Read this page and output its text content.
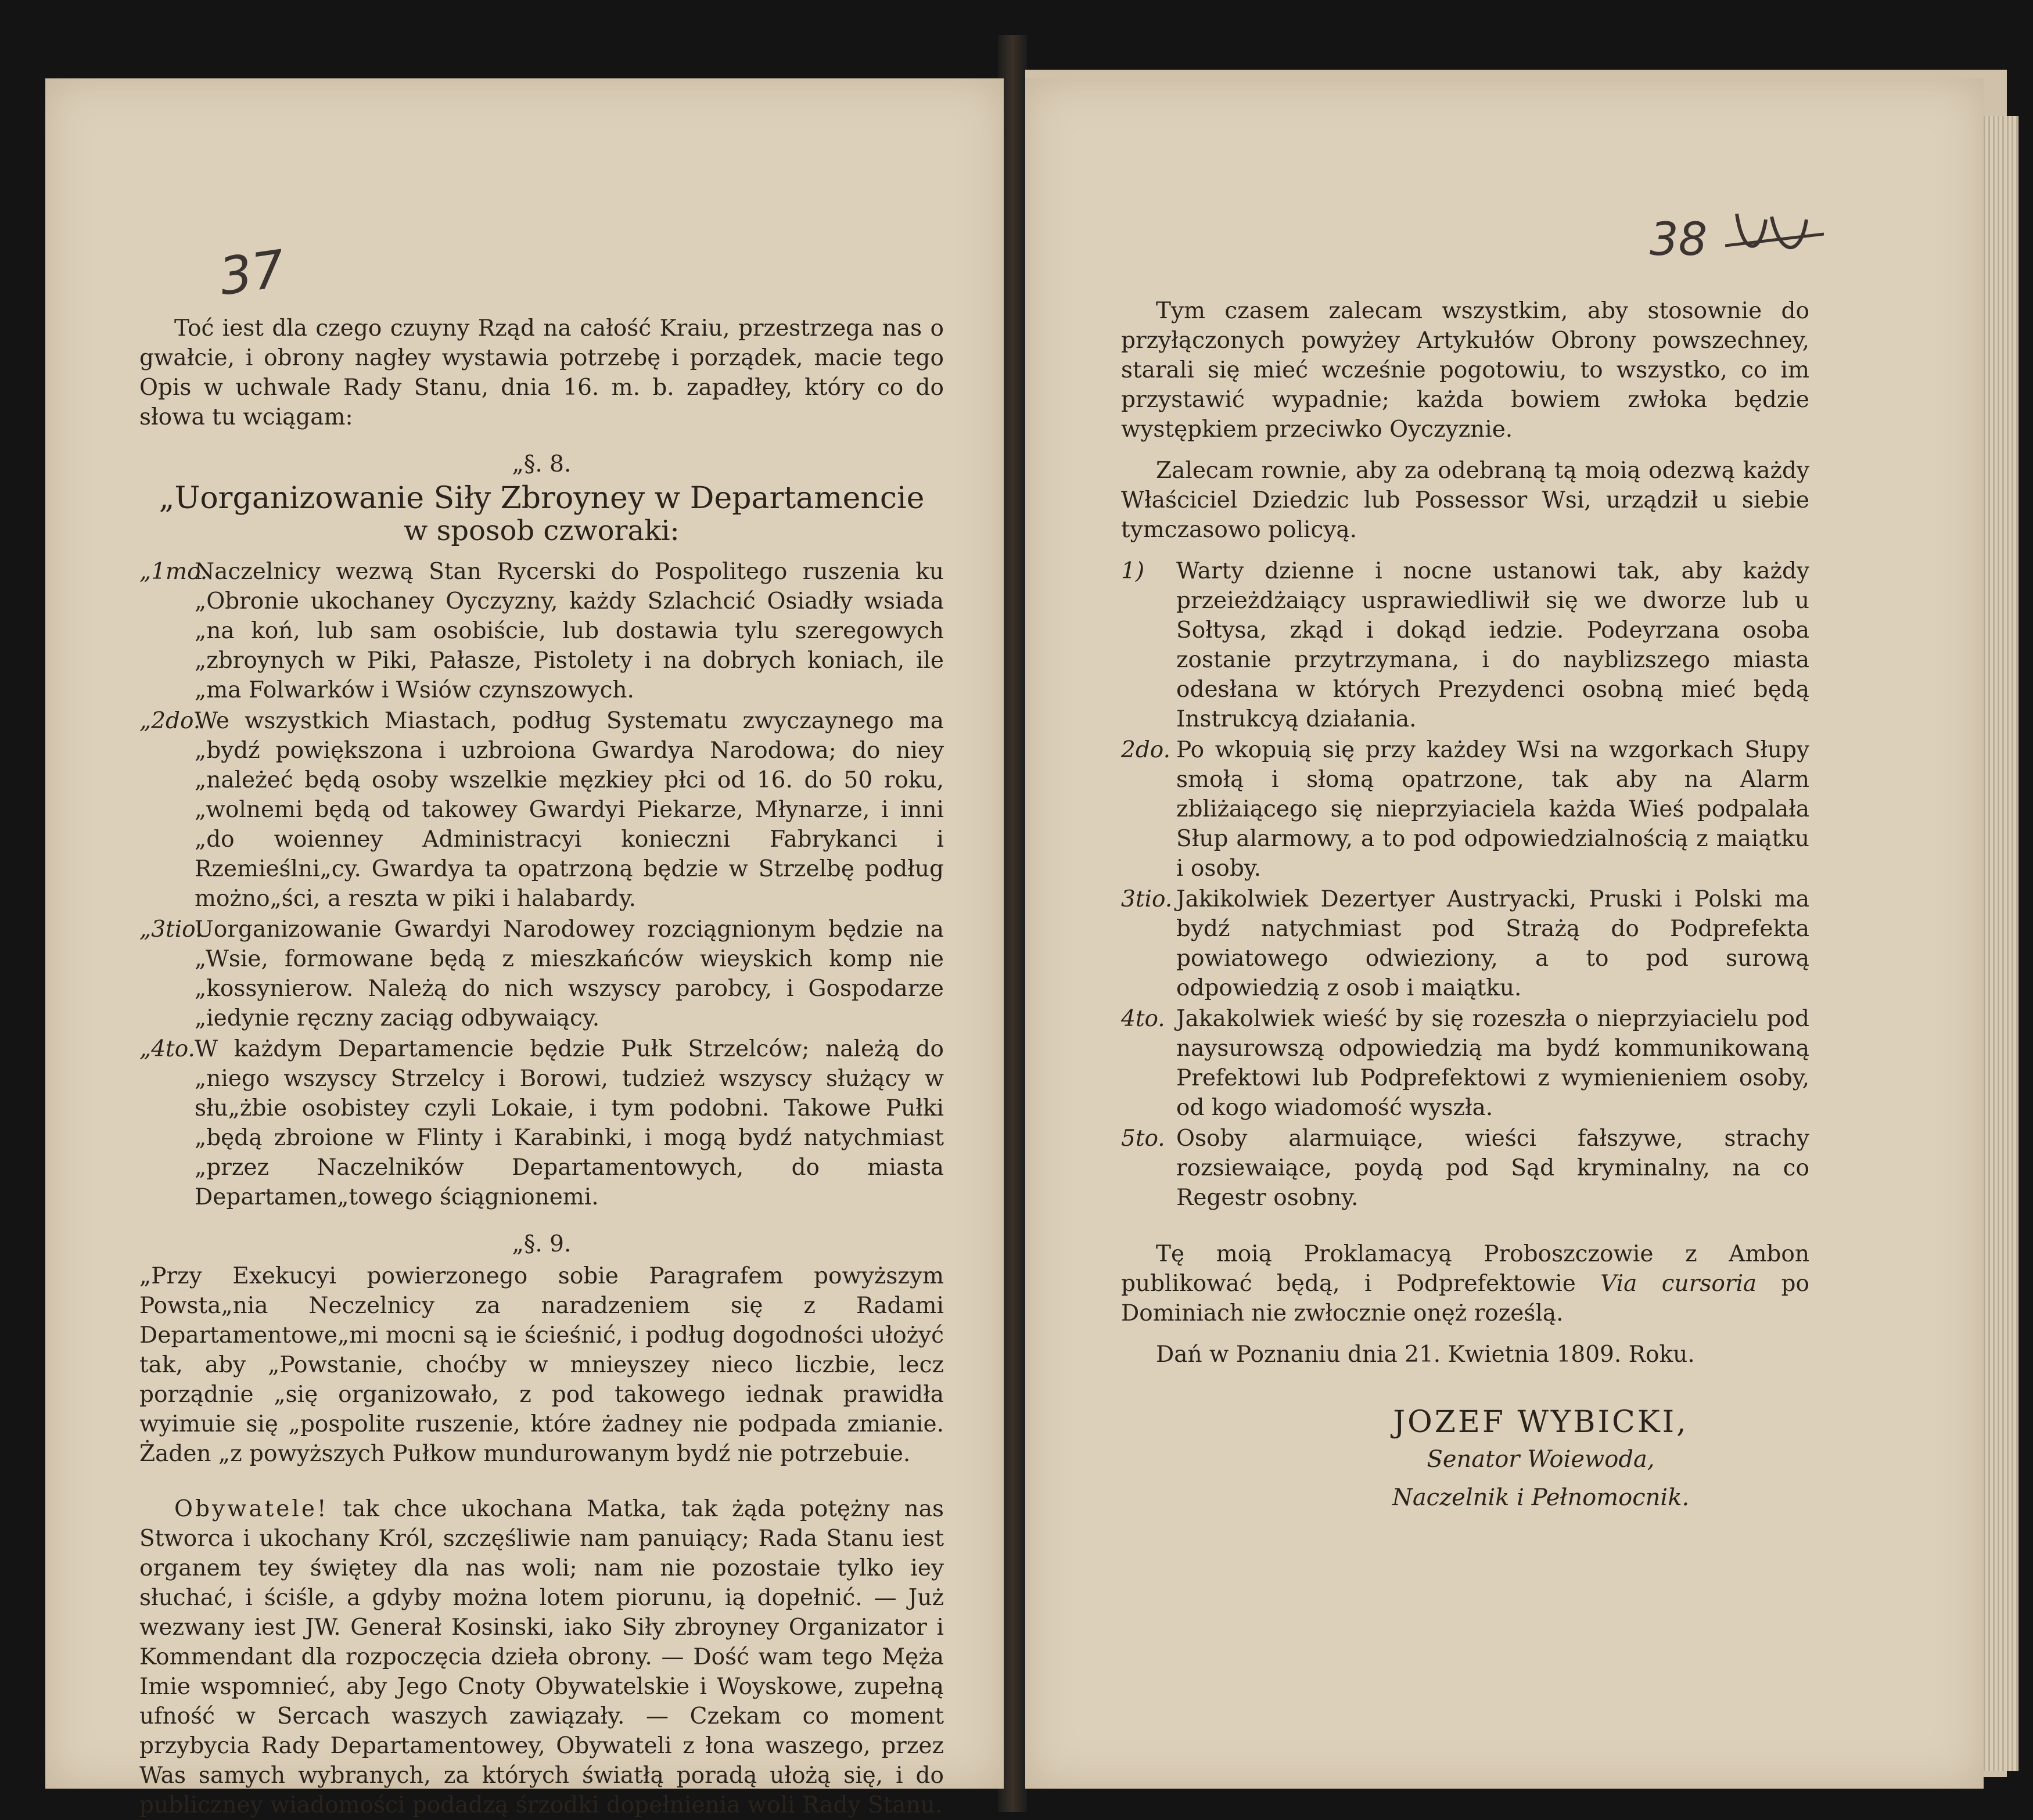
37	38

Toć iest dla czego czuyny Rząd na całość Kraiu, przestrzega nas o gwałcie, i obrony nagłey wystawia potrzebę i porządek, macie tego Opis w uchwale Rady Stanu, dnia 16. m. b. zapadłey, który co do słowa tu wciągam:

„§. 8.

„Uorganizowanie Siły Zbroyney w Departamencie

w sposob czworaki:

„1mo.
Naczelnicy wezwą Stan Rycerski do Pospolitego ruszenia ku „Obronie ukochaney Oyczyzny, każdy Szlachcić Osiadły wsiada „na koń, lub sam osobiście, lub dostawia tylu szeregowych „zbroynych w Piki, Pałasze, Pistolety i na dobrych koniach, ile „ma Folwarków i Wsiów czynszowych.
„2do.
We wszystkich Miastach, podług Systematu zwyczaynego ma „bydź powiększona i uzbroiona Gwardya Narodowa; do niey „należeć będą osoby wszelkie męzkiey płci od 16. do 50 roku, „wolnemi będą od takowey Gwardyi Piekarze, Młynarze, i inni „do woienney Administracyi konieczni Fabrykanci i Rzemieślni„cy. Gwardya ta opatrzoną będzie w Strzelbę podług możno„ści, a reszta w piki i halabardy.
„3tio.
Uorganizowanie Gwardyi Narodowey rozciągnionym będzie na „Wsie, formowane będą z mieszkańców wieyskich komp nie „kossynierow. Należą do nich wszyscy parobcy, i Gospodarze „iedynie ręczny zaciąg odbywaiący.
„4to. W każdym Departamencie będzie Pułk Strzelców; należą do „niego wszyscy Strzelcy i Borowi, tudzież wszyscy służący w słu„żbie osobistey czyli Lokaie, i tym podobni. Takowe Pułki „będą zbroione w Flinty i Karabinki, i mogą bydź natychmiast „przez Naczelników Departamentowych, do miasta Departamen„towego ściągnionemi.

„§. 9.

„Przy Exekucyi powierzonego sobie Paragrafem powyższym Powsta„nia Neczelnicy za naradzeniem się z Radami Departamentowe„mi mocni są ie ścieśnić, i podług dogodności ułożyć tak, aby „Powstanie, choćby w mnieyszey nieco liczbie, lecz porządnie „się organizowało, z pod takowego iednak prawidła wyimuie się „pospolite ruszenie, które żadney nie podpada zmianie. Żaden „z powyższych Pułkow mundurowanym bydź nie potrzebuie.

Obywatele! tak chce ukochana Matka, tak żąda potężny nas Stworca i ukochany Król, szczęśliwie nam panuiący; Rada Stanu iest organem tey świętey dla nas woli; nam nie pozostaie tylko iey słuchać, i ściśle, a gdyby można lotem piorunu, ią dopełnić. — Już wezwany iest JW. Generał Kosinski, iako Siły zbroyney Organizator i Kommendant dla rozpoczęcia dzieła obrony. — Dość wam tego Męża Imie wspomnieć, aby Jego Cnoty Obywatelskie i Woyskowe, zupełną ufność w Sercach waszych zawiązały. — Czekam co moment przybycia Rady Departamentowey, Obywateli z łona waszego, przez Was samych wybranych, za których światłą poradą ułożą się, i do publiczney wiadomości podadzą śrzodki dopełnienia woli Rady Stanu.

Tym czasem zalecam wszystkim, aby stosownie do przyłączonych powyżey Artykułów Obrony powszechney, starali się mieć wcześnie pogotowiu, to wszystko, co im przystawić wypadnie; każda bowiem zwłoka będzie występkiem przeciwko Oyczyznie.

Zalecam rownie, aby za odebraną tą moią odezwą każdy Właściciel Dziedzic lub Possessor Wsi, urządził u siebie tymczasowo policyą.

1)	Warty dzienne i nocne ustanowi tak, aby każdy przeieżdżaiący usprawiedliwił się we dworze lub u Sołtysa, zkąd i dokąd iedzie. Podeyrzana osoba zostanie przytrzymana, i do nayblizszego miasta odesłana w których Prezydenci osobną mieć będą Instrukcyą działania.
2do. Po wkopuią się przy każdey Wsi na wzgorkach Słupy smołą i słomą opatrzone, tak aby na Alarm zbliżaiącego się nieprzyiaciela każda Wieś podpalała Słup alarmowy, a to pod odpowiedzialnością z maiątku i osoby.
3tio. Jakikolwiek Dezertyer Austryacki, Pruski i Polski ma bydź natychmiast pod Strażą do Podprefekta powiatowego odwieziony, a to pod surową odpowiedzią z osob i maiątku.
4to. Jakakolwiek wieść by się rozeszła o nieprzyiacielu pod naysurowszą odpowiedzią ma bydź kommunikowaną Prefektowi lub Podprefektowi z wymienieniem osoby, od kogo wiadomość wyszła.
5to. Osoby alarmuiące, wieści fałszywe, strachy rozsiewaiące, poydą pod Sąd kryminalny, na co Regestr osobny.

Tę moią Proklamacyą Proboszczowie z Ambon publikować będą, i Podprefektowie Via cursoria po Dominiach nie zwłocznie onęż roześlą.

Dań w Poznaniu dnia 21. Kwietnia 1809. Roku.

JOZEF WYBICKI,

Senator Woiewoda,

Naczelnik i Pełnomocnik.
